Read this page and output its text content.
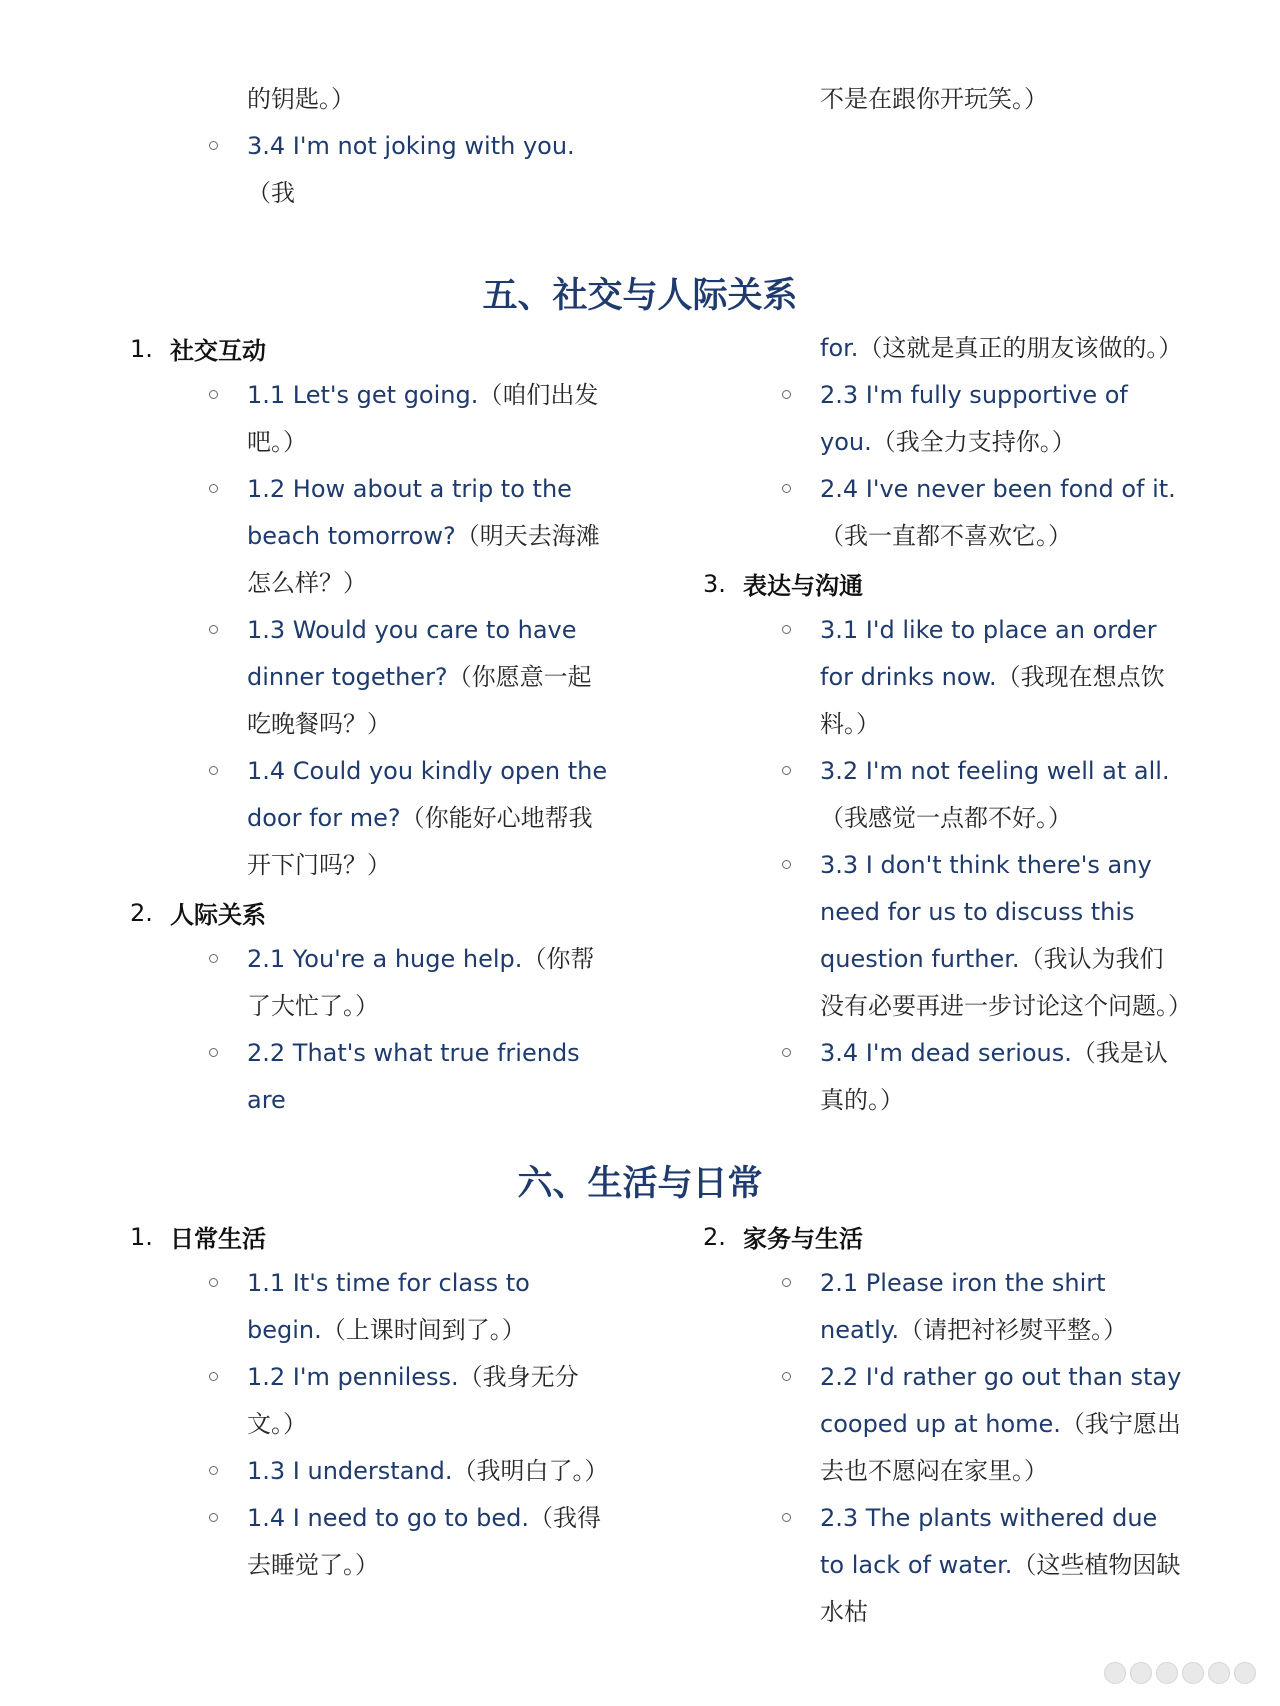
的钥匙。）

3.4 I'm not joking with you.（我

不是在跟你开玩笑。）

五、社交与人际关系
1. 社交互动

1.1 Let's get going.（咱们出发吧。）

1.2 How about a trip to the beach tomorrow?（明天去海滩怎么样？）

1.3 Would you care to have dinner together?（你愿意一起吃晚餐吗？）

1.4 Could you kindly open the door for me?（你能好心地帮我开下门吗？）

2. 人际关系

2.1 You're a huge help.（你帮了大忙了。）

2.2 That's what true friends are

for.（这就是真正的朋友该做的。）

2.3 I'm fully supportive of you.（我全力支持你。）

2.4 I've never been fond of it.（我一直都不喜欢它。）

3. 表达与沟通

3.1 I'd like to place an order for drinks now.（我现在想点饮料。）

3.2 I'm not feeling well at all.（我感觉一点都不好。）

3.3 I don't think there's any need for us to discuss this question further.（我认为我们没有必要再进一步讨论这个问题。）

3.4 I'm dead serious.（我是认真的。）

六、生活与日常
1. 日常生活

1.1 It's time for class to begin.（上课时间到了。）

1.2 I'm penniless.（我身无分文。）

1.3 I understand.（我明白了。）

1.4 I need to go to bed.（我得去睡觉了。）

2. 家务与生活

2.1 Please iron the shirt neatly.（请把衬衫熨平整。）

2.2 I'd rather go out than stay cooped up at home.（我宁愿出去也不愿闷在家里。）

2.3 The plants withered due to lack of water.（这些植物因缺水枯
